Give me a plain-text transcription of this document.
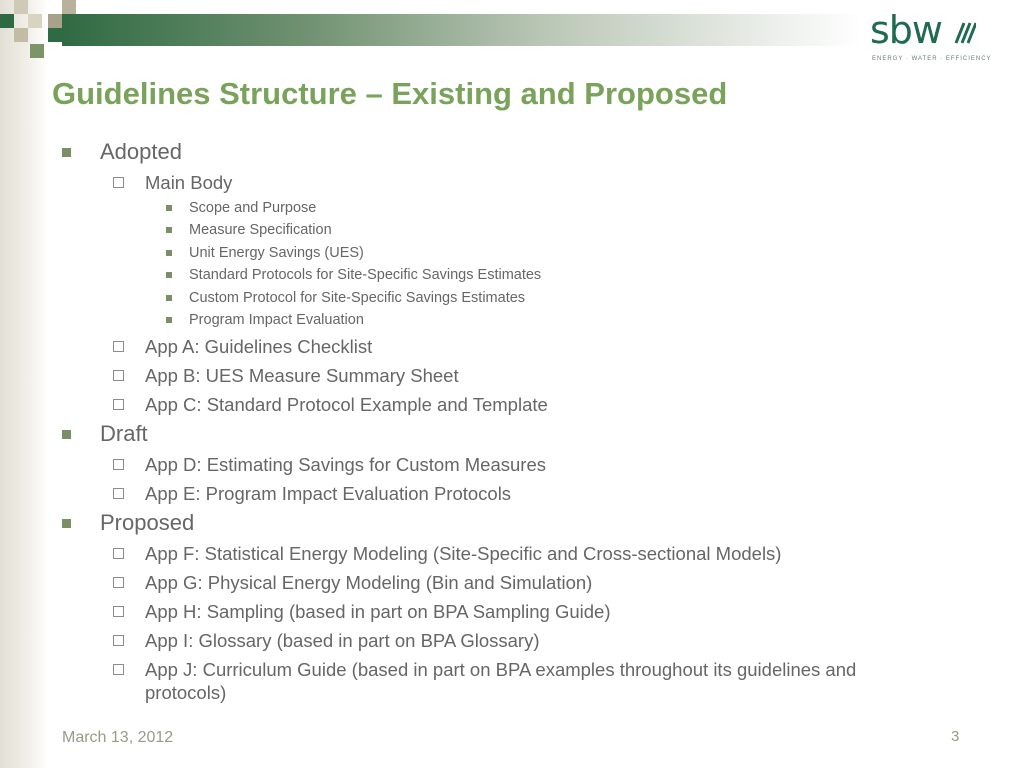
sbw
ENERGY · WATER · EFFICIENCY
Guidelines Structure – Existing and Proposed
Adopted
Main Body
Scope and Purpose
Measure Specification
Unit Energy Savings (UES)
Standard Protocols for Site-Specific Savings Estimates
Custom Protocol for Site-Specific Savings Estimates
Program Impact Evaluation
App A: Guidelines Checklist
App B: UES Measure Summary Sheet
App C: Standard Protocol Example and Template
Draft
App D: Estimating Savings for Custom Measures
App E: Program Impact Evaluation Protocols
Proposed
App F: Statistical Energy Modeling (Site-Specific and Cross-sectional Models)
App G: Physical Energy Modeling (Bin and Simulation)
App H: Sampling (based in part on BPA Sampling Guide)
App I: Glossary (based in part on BPA Glossary)
App J: Curriculum Guide (based in part on BPA examples throughout its guidelines and protocols)
March 13, 2012	3
